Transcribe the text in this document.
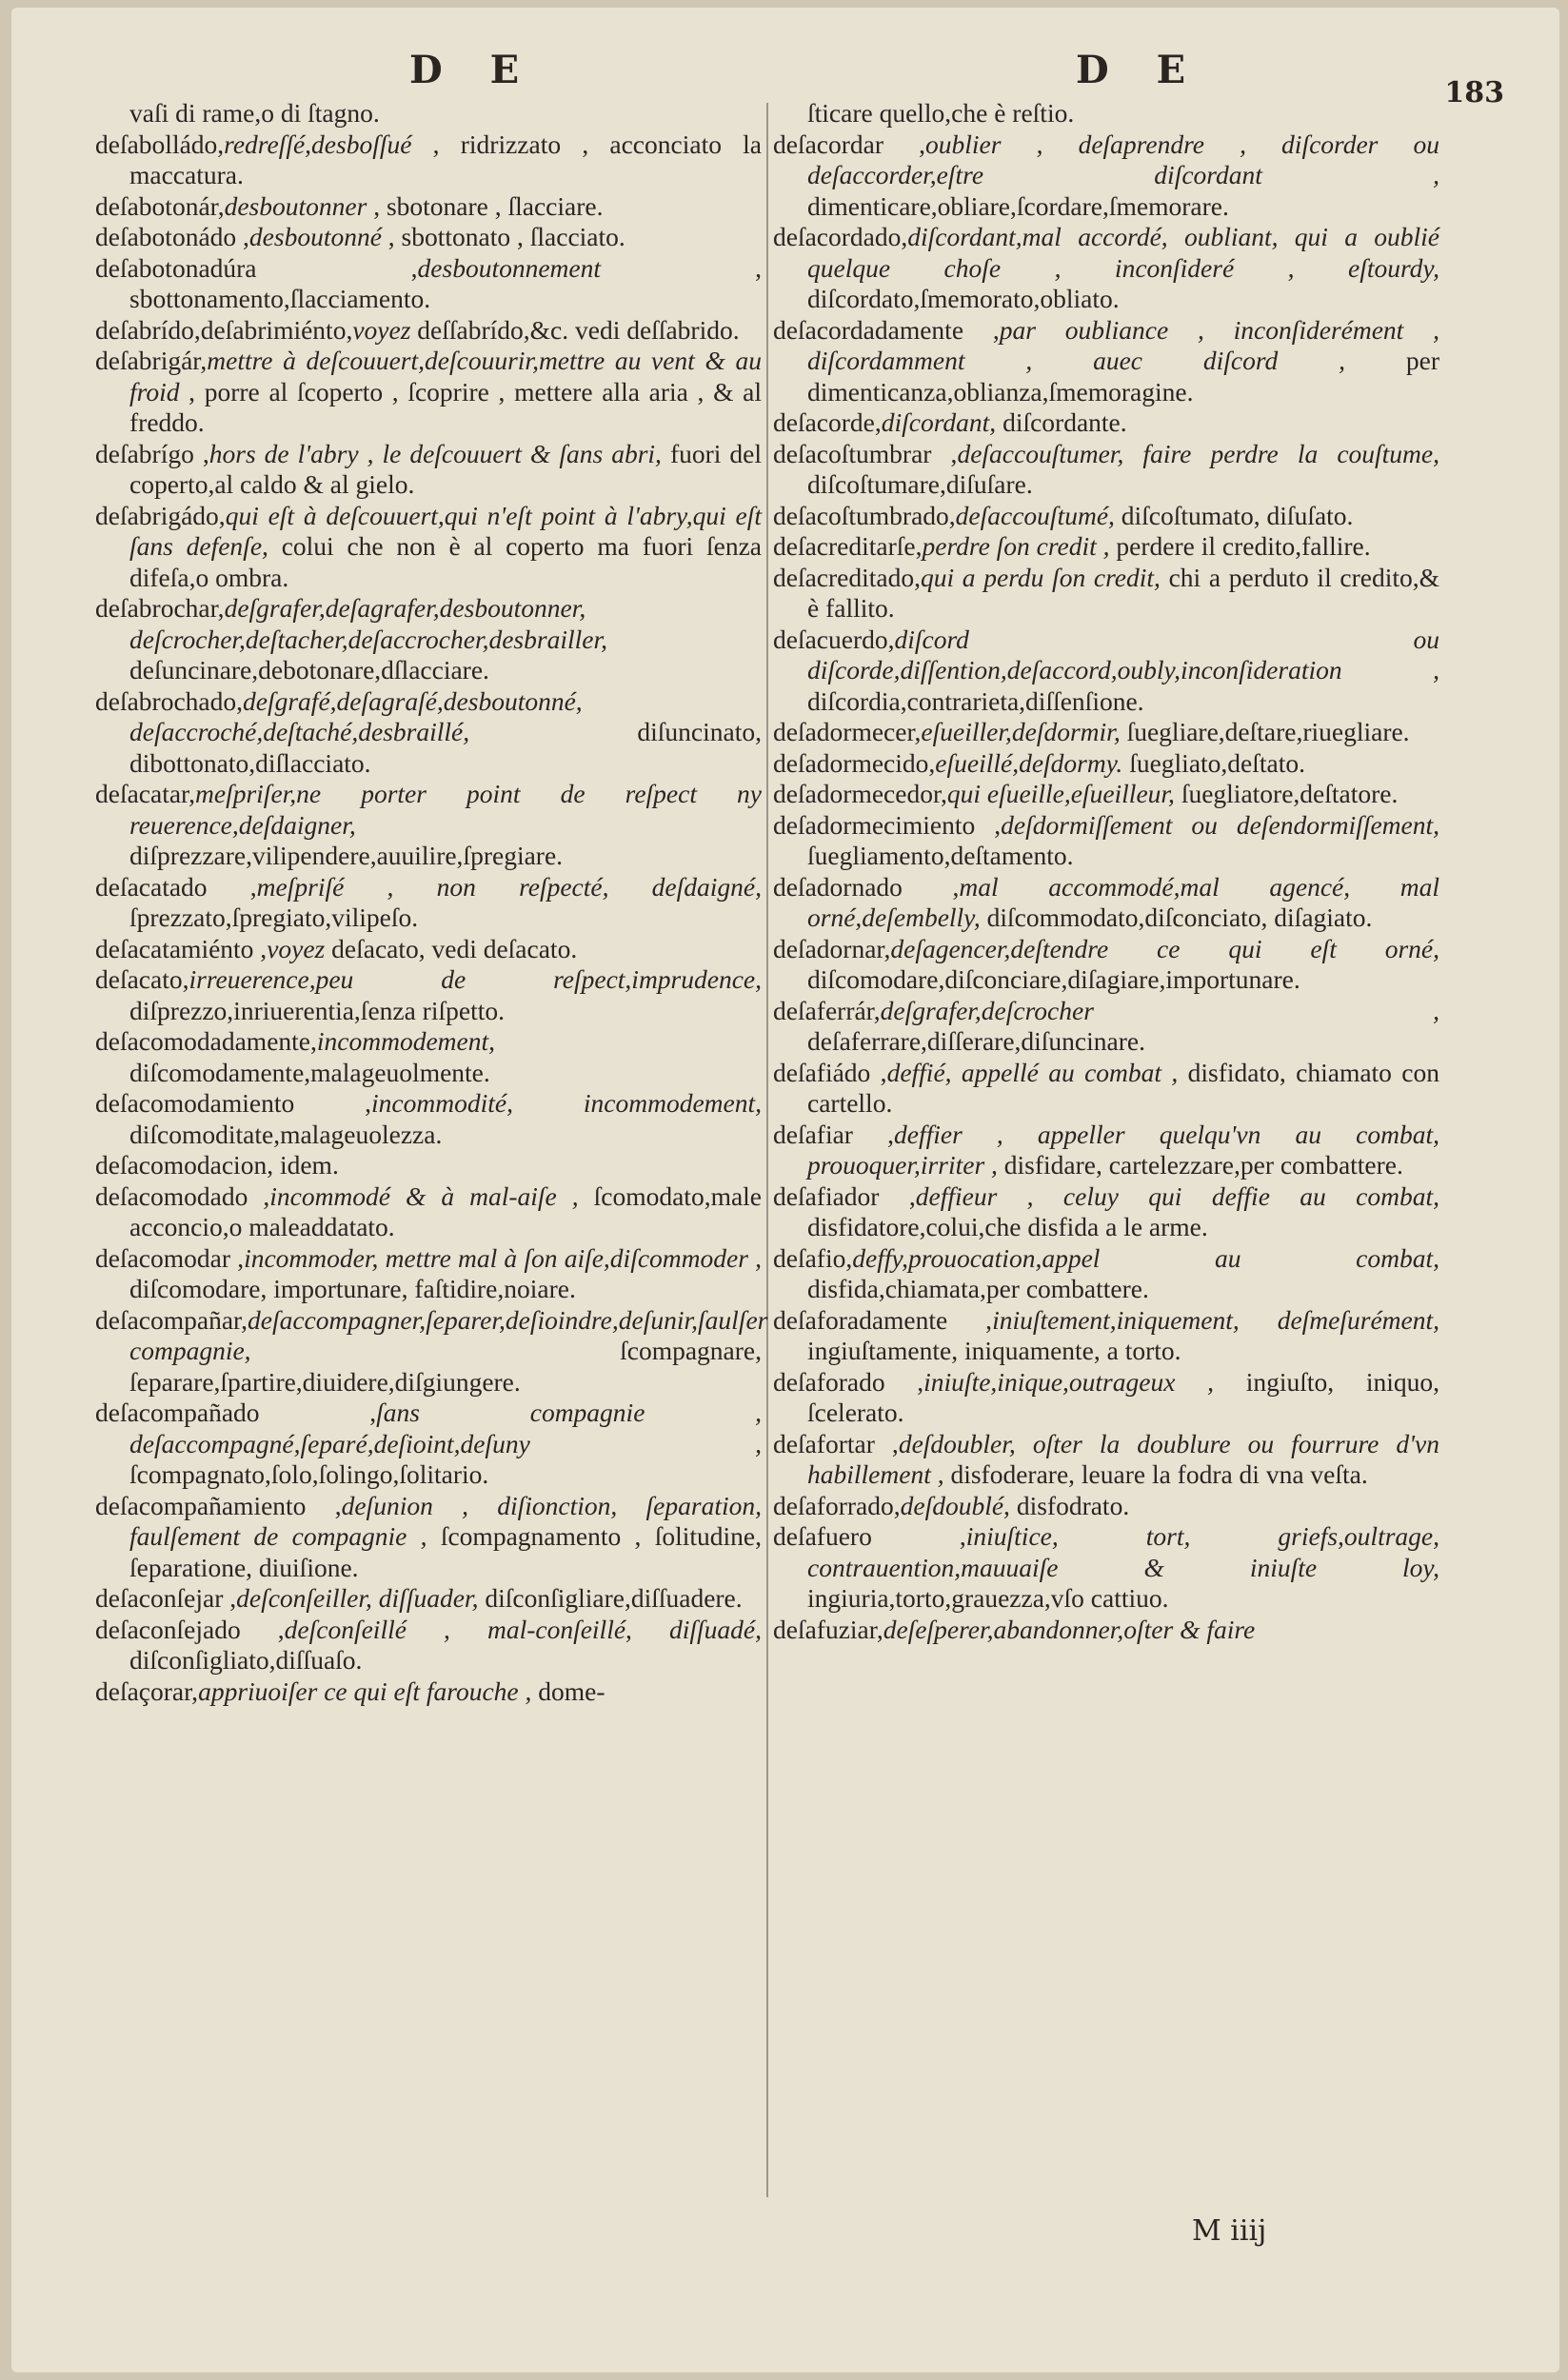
D E	D E
183
vaſi di rame,o di ſtagno.
deſabolládo,redreſſé,desboſſué , ridrizzato , acconciato la maccatura.
deſabotonár,desboutonner , sbotonare , ſlacciare.
deſabotonádo ,desboutonné , sbottonato , ſlacciato.
deſabotonadúra ,desboutonnement	, sbottonamento,ſlacciamento.
deſabrído,deſabrimiénto,voyez deſſabrído,&c. vedi deſſabrido.
deſabrigár,mettre à deſcouuert,deſcouurir,mettre au vent & au froid , porre al ſcoperto , ſcoprire , mettere alla aria , & al freddo.
deſabrígo ,hors de l'abry , le deſcouuert & ſans abri, fuori del coperto,al caldo & al gielo.
deſabrigádo,qui eſt à deſcouuert,qui n'eſt point à l'abry,qui eſt ſans defenſe, colui che non è al coperto ma fuori ſenza difeſa,o ombra.
deſabrochar,deſgrafer,deſagrafer,desboutonner, deſcrocher,deſtacher,deſaccrocher,desbrailler, deſuncinare,debotonare,dſlacciare.
deſabrochado,deſgrafé,deſagraſé,desboutonné, deſaccroché,deſtaché,desbraillé,	diſuncinato, dibottonato,diſlacciato.
deſacatar,meſpriſer,ne porter point de reſpect ny reuerence,deſdaigner, diſprezzare,vilipendere,auuilire,ſpregiare.
deſacatado ,meſpriſé , non reſpecté, deſdaigné, ſprezzato,ſpregiato,vilipeſo.
deſacatamiénto ,voyez deſacato, vedi deſacato.
deſacato,irreuerence,peu de reſpect,imprudence, diſprezzo,inriuerentia,ſenza riſpetto.
deſacomodadamente,incommodement, diſcomodamente,malageuolmente.
deſacomodamiento ,incommodité, incommodement, diſcomoditate,malageuolezza.
deſacomodacion, idem.
deſacomodado ,incommodé & à mal-aiſe , ſcomodato,male acconcio,o maleaddatato.
deſacomodar ,incommoder, mettre mal à ſon aiſe,diſcommoder , diſcomodare, importunare, faſtidire,noiare.
deſacompañar,deſaccompagner,ſeparer,deſioindre,deſunir,ſaulſer compagnie,	ſcompagnare, ſeparare,ſpartire,diuidere,diſgiungere.
deſacompañado ,ſans compagnie , deſaccompagné,ſeparé,deſioint,deſuny , ſcompagnato,ſolo,ſolingo,ſolitario.
deſacompañamiento ,deſunion , diſionction, ſeparation, faulſement de compagnie , ſcompagnamento , ſolitudine, ſeparatione, diuiſione.
deſaconſejar ,deſconſeiller, diſſuader, diſconſigliare,diſſuadere.
deſaconſejado ,deſconſeillé , mal-conſeillé, diſſuadé, diſconſigliato,diſſuaſo.
deſaçorar,appriuoiſer ce qui eſt farouche , dome-
ſticare quello,che è reſtio.
deſacordar ,oublier , deſaprendre , diſcorder ou deſaccorder,eſtre diſcordant , dimenticare,obliare,ſcordare,ſmemorare.
deſacordado,diſcordant,mal accordé, oubliant, qui a oublié quelque choſe , inconſideré , eſtourdy, diſcordato,ſmemorato,obliato.
deſacordadamente ,par oubliance , inconſiderément , diſcordamment , auec diſcord , per dimenticanza,oblianza,ſmemoragine.
deſacorde,diſcordant, diſcordante.
deſacoſtumbrar ,deſaccouſtumer, faire perdre la couſtume, diſcoſtumare,diſuſare.
deſacoſtumbrado,deſaccouſtumé, diſcoſtumato, diſuſato.
deſacreditarſe,perdre ſon credit , perdere il credito,fallire.
deſacreditado,qui a perdu ſon credit, chi a perduto il credito,& è fallito.
deſacuerdo,diſcord ou diſcorde,diſſention,deſaccord,oubly,inconſideration , diſcordia,contrarieta,diſſenſione.
deſadormecer,eſueiller,deſdormir, ſuegliare,deſtare,riuegliare.
deſadormecido,eſueillé,deſdormy. ſuegliato,deſtato.
deſadormecedor,qui eſueille,eſueilleur, ſuegliatore,deſtatore.
deſadormecimiento ,deſdormiſſement ou deſendormiſſement, ſuegliamento,deſtamento.
deſadornado ,mal accommodé,mal agencé, mal orné,deſembelly, diſcommodato,diſconciato, diſagiato.
deſadornar,deſagencer,deſtendre ce qui eſt orné, diſcomodare,diſconciare,diſagiare,importunare.
deſaferrár,deſgrafer,deſcrocher , deſaferrare,diſſerare,diſuncinare.
deſafiádo ,deffié, appellé au combat , disfidato, chiamato con cartello.
deſafiar ,deffier , appeller quelqu'vn au combat, prouoquer,irriter , disfidare, cartelezzare,per combattere.
deſafiador ,deffieur , celuy qui deffie au combat, disfidatore,colui,che disfida a le arme.
deſafio,deffy,prouocation,appel au combat, disfida,chiamata,per combattere.
deſaforadamente ,iniuſtement,iniquement, deſmeſurément, ingiuſtamente, iniquamente, a torto.
deſaforado ,iniuſte,inique,outrageux , ingiuſto, iniquo, ſcelerato.
deſafortar ,deſdoubler, oſter la doublure ou fourrure d'vn habillement , disfoderare, leuare la fodra di vna veſta.
deſaforrado,deſdoublé, disfodrato.
deſafuero ,iniuſtice, tort, griefs,oultrage, contrauention,mauuaiſe & iniuſte loy, ingiuria,torto,grauezza,vſo cattiuo.
deſafuziar,deſeſperer,abandonner,oſter & faire
M iiij
